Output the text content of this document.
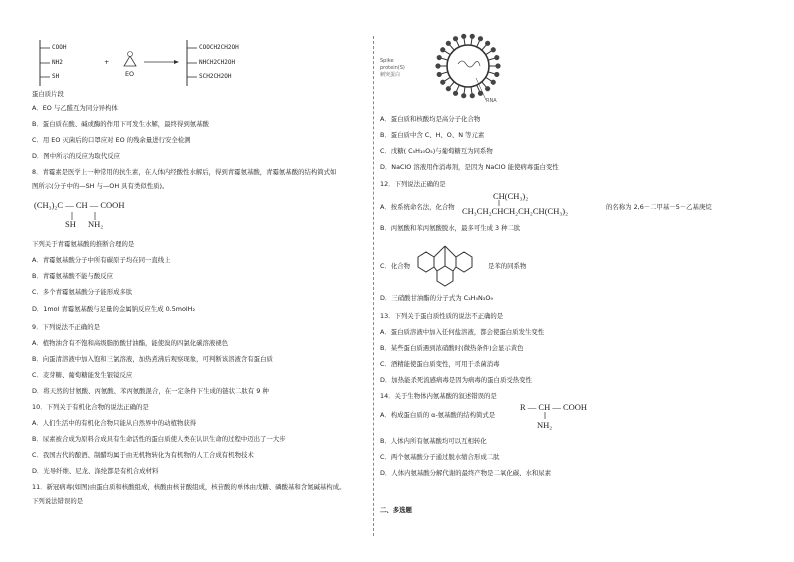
COOH
NH2
SH
+
EO
COOCH2CH2OH
NHCH2CH2OH
SCH2CH2OH
蛋白质片段
A．EO 与乙醛互为同分异构体
B．蛋白质在酸、碱或酶的作用下可发生水解，最终得到氨基酸
C．用 EO 灭菌后的口罩应对 EO 的残余量进行安全检测
D．图中所示的反应为取代反应
8．青霉素是医学上一种常用的抗生素，在人体内经酸性水解后，得到青霉氨基酸，青霉氨基酸的结构简式如
图所示(分子中的—SH 与—OH 具有类似性质)。
(CH₃)₂C — CH — COOH
SH NH₂
下列关于青霉氨基酸的推断合理的是
A．青霉氨基酸分子中所有碳原子均在同一直线上
B．青霉氨基酸不能与酸反应
C．多个青霉氨基酸分子能形成多肽
D．1mol 青霉氨基酸与足量的金属钠反应生成 0.5molH₂
9．下列说法不正确的是
A．植物油含有不饱和高级脂肪酸甘油酯，能使溴的四氯化碳溶液褪色
B．向蛋清溶液中加入饱和三氯溶液，加热煮沸后观察现象，可判断该溶液含有蛋白质
C．麦芽糖、葡萄糖能发生银镜反应
D．将天然的甘氨酸、丙氨酸、苯丙氨酸混合，在一定条件下生成的链状二肽有 9 种
10．下列关于有机化合物的说法正确的是
A．人们生活中的有机化合物只能从自然界中的动植物获得
B．尿素被合成为原料合成具有生命活性的蛋白质使人类在认识生命的过程中迈出了一大步
C．我国古代的酿酒、制醋均属于由无机物转化为有机物的人工合成有机物技术
D．光导纤维、尼龙、涤纶都是有机合成材料
11．新冠病毒(如图)由蛋白质和核酸组成，核酸由核苷酸组成，核苷酸的单体由戊糖、磷酸基和含氮碱基构成。
下列说法错误的是
Spike
protein(S)
刺突蛋白
RNA
A．蛋白质和核酸均是高分子化合物
B．蛋白质中含 C、H、O、N 等元素
C．戊糖( C₅H₁₀O₅)与葡萄糖互为同系物
D．NaClO 溶液用作消毒剂，是因为 NaClO 能使病毒蛋白变性
12．下列说法正确的是
A．按系统命名法，化合物
CH(CH₃)₂
CH₃CH₂CHCH₂CH₂CH(CH₃)₂	的名称为 2,6－二甲基－5－乙基庚烷
B．丙氨酸和苯丙氨酸脱水，最多可生成 3 种二肽
C．化合物	是苯的同系物
D．三硝酸甘油酯的分子式为 C₃H₅N₃O₉
13．下列关于蛋白质性质的说法不正确的是
A．蛋白质溶液中加入任何盐溶液，都会使蛋白质发生变性
B．某些蛋白质遇到浓硝酸时(微热条件)会显示黄色
C．酒精能使蛋白质变性，可用于杀菌消毒
D．加热能杀死流感病毒是因为病毒的蛋白质受热变性
14．关于生物体内氨基酸的叙述错误的是
A．构成蛋白质的 α-氨基酸的结构简式是
R — CH — COOH
NH₂
B．人体内所有氨基酸均可以互相转化
C．两个氨基酸分子通过脱水缩合形成二肽
D．人体内氨基酸分解代谢的最终产物是二氧化碳、水和尿素
二、多选题
